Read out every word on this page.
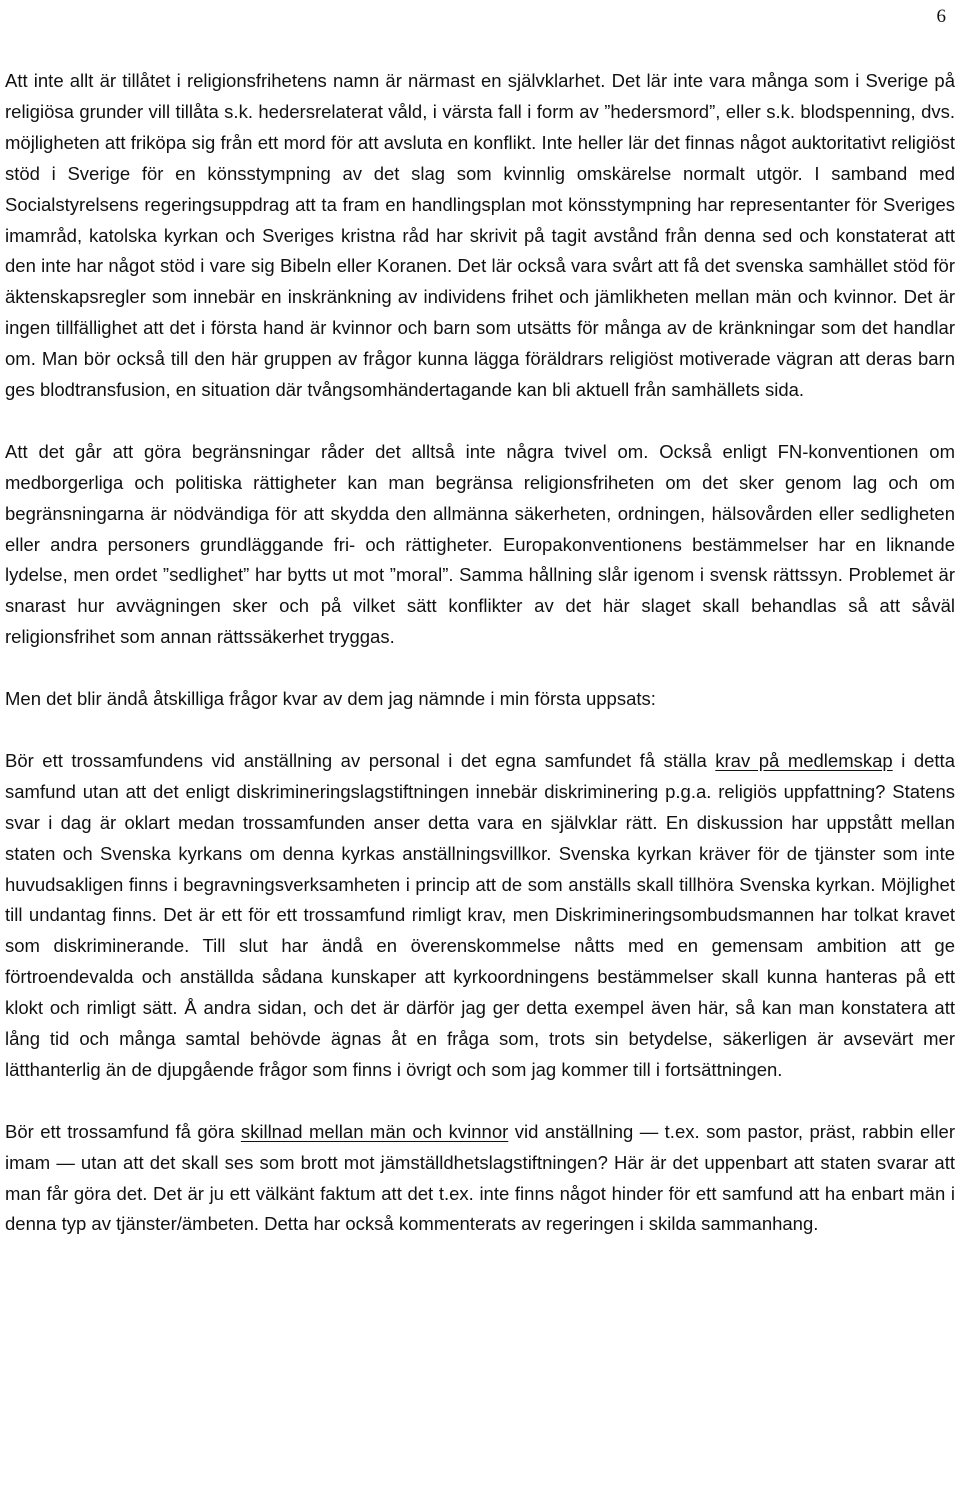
6

Att inte allt är tillåtet i religionsfrihetens namn är närmast en självklarhet. Det lär inte vara många som i Sverige på religiösa grunder vill tillåta s.k. hedersrelaterat våld, i värsta fall i form av ”hedersmord”, eller s.k. blodspenning, dvs. möjligheten att friköpa sig från ett mord för att avsluta en konflikt. Inte heller lär det finnas något auktoritativt religiöst stöd i Sverige för en könsstympning av det slag som kvinnlig omskärelse normalt utgör. I samband med Socialstyrelsens regeringsuppdrag att ta fram en handlingsplan mot könsstympning har representanter för Sveriges imamråd, katolska kyrkan och Sveriges kristna råd har skrivit på tagit avstånd från denna sed och konstaterat att den inte har något stöd i vare sig Bibeln eller Koranen. Det lär också vara svårt att få det svenska samhället stöd för äktenskapsregler som innebär en inskränkning av individens frihet och jämlikheten mellan män och kvinnor. Det är ingen tillfällighet att det i första hand är kvinnor och barn som utsätts för många av de kränkningar som det handlar om. Man bör också till den här gruppen av frågor kunna lägga föräldrars religiöst motiverade vägran att deras barn ges blodtransfusion, en situation där tvångsomhändertagande kan bli aktuell från samhällets sida.

Att det går att göra begränsningar råder det alltså inte några tvivel om. Också enligt FN-konventionen om medborgerliga och politiska rättigheter kan man begränsa religionsfriheten om det sker genom lag och om begränsningarna är nödvändiga för att skydda den allmänna säkerheten, ordningen, hälsovården eller sedligheten eller andra personers grundläggande fri- och rättigheter. Europakonventionens bestämmelser har en liknande lydelse, men ordet ”sedlighet” har bytts ut mot ”moral”. Samma hållning slår igenom i svensk rättssyn. Problemet är snarast hur avvägningen sker och på vilket sätt konflikter av det här slaget skall behandlas så att såväl religionsfrihet som annan rättssäkerhet tryggas.

Men det blir ändå åtskilliga frågor kvar av dem jag nämnde i min första uppsats:

Bör ett trossamfundens vid anställning av personal i det egna samfundet få ställa krav på medlemskap i detta samfund utan att det enligt diskrimineringslagstiftningen innebär diskriminering p.g.a. religiös uppfattning? Statens svar i dag är oklart medan trossamfunden anser detta vara en självklar rätt. En diskussion har uppstått mellan staten och Svenska kyrkans om denna kyrkas anställningsvillkor. Svenska kyrkan kräver för de tjänster som inte huvudsakligen finns i begravningsverksamheten i princip att de som anställs skall tillhöra Svenska kyrkan. Möjlighet till undantag finns. Det är ett för ett trossamfund rimligt krav, men Diskrimineringsombudsmannen har tolkat kravet som diskriminerande. Till slut har ändå en överenskommelse nåtts med en gemensam ambition att ge förtroendevalda och anställda sådana kunskaper att kyrkoordningens bestämmelser skall kunna hanteras på ett klokt och rimligt sätt. Å andra sidan, och det är därför jag ger detta exempel även här, så kan man konstatera att lång tid och många samtal behövde ägnas åt en fråga som, trots sin betydelse, säkerligen är avsevärt mer lätthanterlig än de djupgående frågor som finns i övrigt och som jag kommer till i fortsättningen.

Bör ett trossamfund få göra skillnad mellan män och kvinnor vid anställning — t.ex. som pastor, präst, rabbin eller imam — utan att det skall ses som brott mot jämställdhetslagstiftningen? Här är det uppenbart att staten svarar att man får göra det. Det är ju ett välkänt faktum att det t.ex. inte finns något hinder för ett samfund att ha enbart män i denna typ av tjänster/ämbeten. Detta har också kommenterats av regeringen i skilda sammanhang.
